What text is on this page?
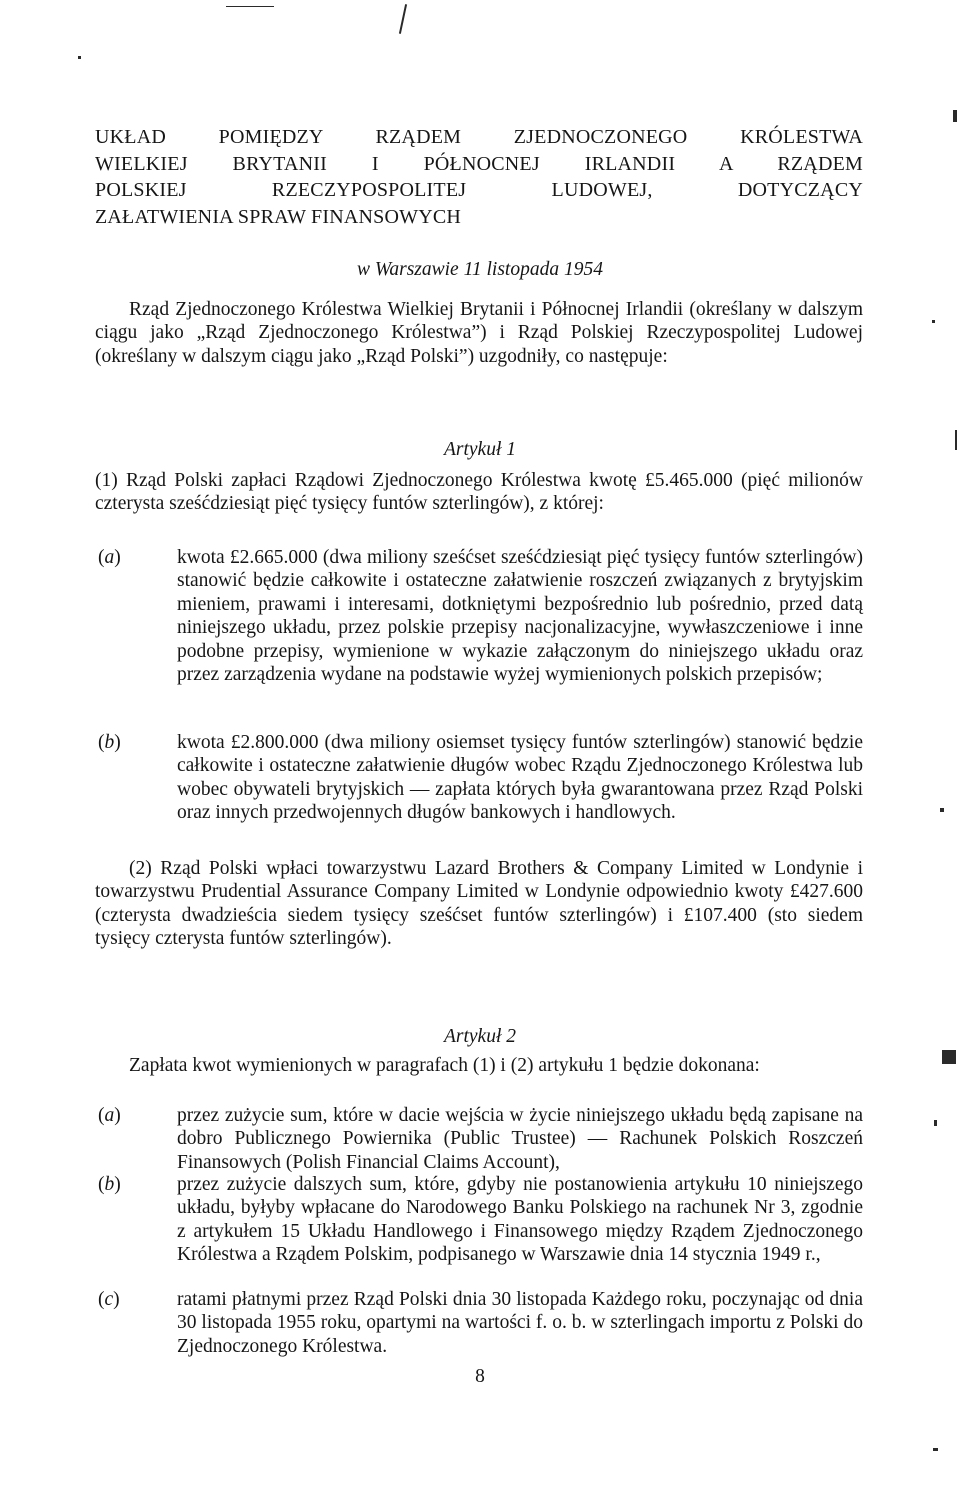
UKŁAD POMIĘDZY RZĄDEM ZJEDNOCZONEGO KRÓLESTWA
WIELKIEJ BRYTANII I PÓŁNOCNEJ IRLANDII A RZĄDEM
POLSKIEJ RZECZYPOSPOLITEJ LUDOWEJ, DOTYCZĄCY
ZAŁATWIENIA SPRAW FINANSOWYCH
w Warszawie 11 listopada 1954

Rząd Zjednoczonego Królestwa Wielkiej Brytanii i Północnej Irlandii (określany w dalszym ciągu jako „Rząd Zjednoczonego Królestwa”) i Rząd Polskiej Rzeczypospolitej Ludowej (określany w dalszym ciągu jako „Rząd Polski”) uzgodniły, co następuje:

Artykuł 1

(1) Rząd Polski zapłaci Rządowi Zjednoczonego Królestwa kwotę £5.465.000 (pięć milionów czterysta sześćdziesiąt pięć tysięcy funtów szterlingów), z której:

(a)	kwota £2.665.000 (dwa miliony sześćset sześćdziesiąt pięć tysięcy funtów szterlingów) stanowić będzie całkowite i ostateczne załatwienie roszczeń związanych z brytyjskim mieniem, prawami i interesami, dotkniętymi bezpośrednio lub pośrednio, przed datą niniejszego układu, przez polskie przepisy nacjonalizacyjne, wywłaszczeniowe i inne podobne przepisy, wymienione w wykazie załączonym do niniejszego układu oraz przez zarządzenia wydane na podstawie wyżej wymienionych polskich przepisów;
(b)	kwota £2.800.000 (dwa miliony osiemset tysięcy funtów szterlingów) stanowić będzie całkowite i ostateczne załatwienie długów wobec Rządu Zjednoczonego Królestwa lub wobec obywateli brytyjskich — zapłata których była gwarantowana przez Rząd Polski oraz innych przedwojennych długów bankowych i handlowych.

(2) Rząd Polski wpłaci towarzystwu Lazard Brothers & Company Limited w Londynie i towarzystwu Prudential Assurance Company Limited w Londynie odpowiednio kwoty £427.600 (czterysta dwadzieścia siedem tysięcy sześćset funtów szterlingów) i £107.400 (sto siedem tysięcy czterysta funtów szterlingów).

Artykuł 2

Zapłata kwot wymienionych w paragrafach (1) i (2) artykułu 1 będzie dokonana:

(a)	przez zużycie sum, które w dacie wejścia w życie niniejszego układu będą zapisane na dobro Publicznego Powiernika (Public Trustee) — Rachunek Polskich Roszczeń Finansowych (Polish Financial Claims Account),
(b)	przez zużycie dalszych sum, które, gdyby nie postanowienia artykułu 10 niniejszego układu, byłyby wpłacane do Narodowego Banku Polskiego na rachunek Nr 3, zgodnie z artykułem 15 Układu Handlowego i Finansowego między Rządem Zjednoczonego Królestwa a Rządem Polskim, podpisanego w Warszawie dnia 14 stycznia 1949 r.,
(c)	ratami płatnymi przez Rząd Polski dnia 30 listopada Każdego roku, poczynając od dnia 30 listopada 1955 roku, opartymi na wartości f. o. b. w szterlingach importu z Polski do Zjednoczonego Królestwa.
8
